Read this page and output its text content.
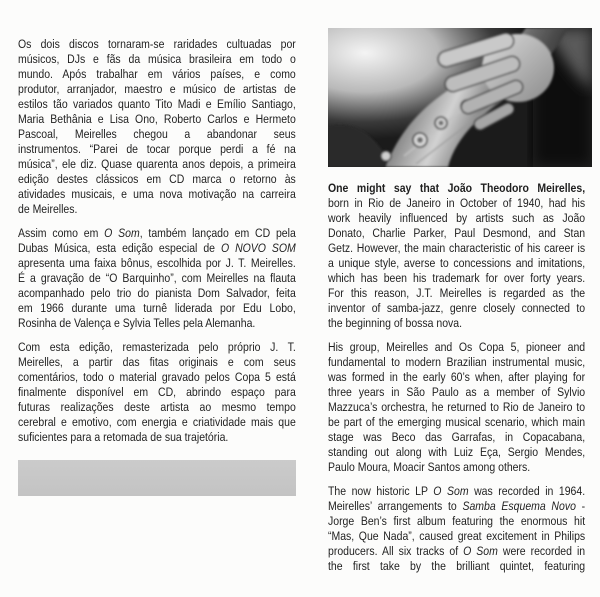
Os dois discos tornaram-se raridades cultuadas por
músicos, DJs e fãs da música brasileira em todo o
mundo. Após trabalhar em vários países, e como
produtor, arranjador, maestro e músico de artistas de
estilos tão variados quanto Tito Madi e Emílio Santiago,
Maria Bethânia e Lisa Ono, Roberto Carlos e Hermeto
Pascoal, Meirelles chegou a abandonar seus
instrumentos. “Parei de tocar porque perdi a fé na
música”, ele diz. Quase quarenta anos depois, a primeira
edição destes clássicos em CD marca o retorno às
atividades musicais, e uma nova motivação na carreira
de Meirelles.
Assim como em O Som, também lançado em CD pela
Dubas Música, esta edição especial de O NOVO SOM
apresenta uma faixa bônus, escolhida por J. T. Meirelles.
É a gravação de “O Barquinho”, com Meirelles na flauta
acompanhado pelo trio do pianista Dom Salvador, feita
em 1966 durante uma turnê liderada por Edu Lobo,
Rosinha de Valença e Sylvia Telles pela Alemanha.
Com esta edição, remasterizada pelo próprio J. T.
Meirelles, a partir das fitas originais e com seus
comentários, todo o material gravado pelos Copa 5 está
finalmente disponível em CD, abrindo espaço para
futuras realizações deste artista ao mesmo tempo
cerebral e emotivo, com energia e criatividade mais que
suficientes para a retomada de sua trajetória.
One might say that João Theodoro Meirelles,
born in Rio de Janeiro in October of 1940, had his
work heavily influenced by artists such as João
Donato, Charlie Parker, Paul Desmond, and Stan
Getz. However, the main characteristic of his career is
a unique style, averse to concessions and imitations,
which has been his trademark for over forty years.
For this reason, J.T. Meirelles is regarded as the
inventor of samba-jazz, genre closely connected to
the beginning of bossa nova.
His group, Meirelles and Os Copa 5, pioneer and
fundamental to modern Brazilian instrumental music,
was formed in the early 60’s when, after playing for
three years in São Paulo as a member of Sylvio
Mazzuca’s orchestra, he returned to Rio de Janeiro to
be part of the emerging musical scenario, which main
stage was Beco das Garrafas, in Copacabana,
standing out along with Luiz Eça, Sergio Mendes,
Paulo Moura, Moacir Santos among others.
The now historic LP O Som was recorded in 1964.
Meirelles’ arrangements to Samba Esquema Novo -
Jorge Ben’s first album featuring the enormous hit
“Mas, Que Nada”, caused great excitement in Philips
producers. All six tracks of O Som were recorded in
the first take by the brilliant quintet, featuring
